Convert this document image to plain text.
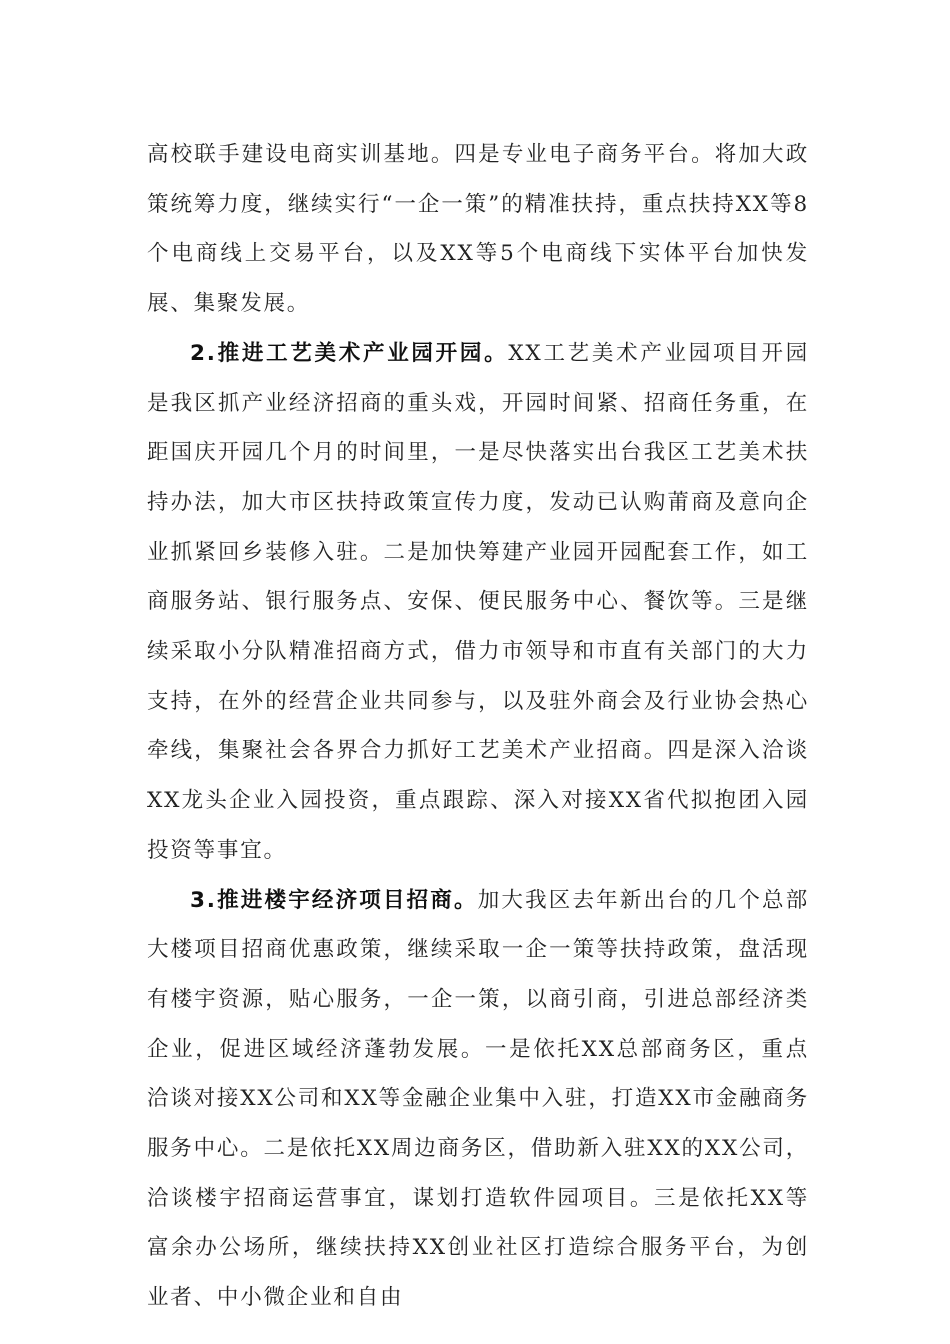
高校联手建设电商实训基地。四是专业电子商务平台。将加大政策统筹力度，继续实行“一企一策”的精准扶持，重点扶持XX等8个电商线上交易平台，以及XX等5个电商线下实体平台加快发展、集聚发展。

2.推进工艺美术产业园开园。XX工艺美术产业园项目开园是我区抓产业经济招商的重头戏，开园时间紧、招商任务重，在距国庆开园几个月的时间里，一是尽快落实出台我区工艺美术扶持办法，加大市区扶持政策宣传力度，发动已认购莆商及意向企业抓紧回乡装修入驻。二是加快筹建产业园开园配套工作，如工商服务站、银行服务点、安保、便民服务中心、餐饮等。三是继续采取小分队精准招商方式，借力市领导和市直有关部门的大力支持，在外的经营企业共同参与，以及驻外商会及行业协会热心牵线，集聚社会各界合力抓好工艺美术产业招商。四是深入洽谈XX龙头企业入园投资，重点跟踪、深入对接XX省代拟抱团入园投资等事宜。

3.推进楼宇经济项目招商。加大我区去年新出台的几个总部大楼项目招商优惠政策，继续采取一企一策等扶持政策，盘活现有楼宇资源，贴心服务，一企一策，以商引商，引进总部经济类企业，促进区域经济蓬勃发展。一是依托XX总部商务区，重点洽谈对接XX公司和XX等金融企业集中入驻，打造XX市金融商务服务中心。二是依托XX周边商务区，借助新入驻XX的XX公司，洽谈楼宇招商运营事宜，谋划打造软件园项目。三是依托XX等富余办公场所，继续扶持XX创业社区打造综合服务平台，为创业者、中小微企业和自由
